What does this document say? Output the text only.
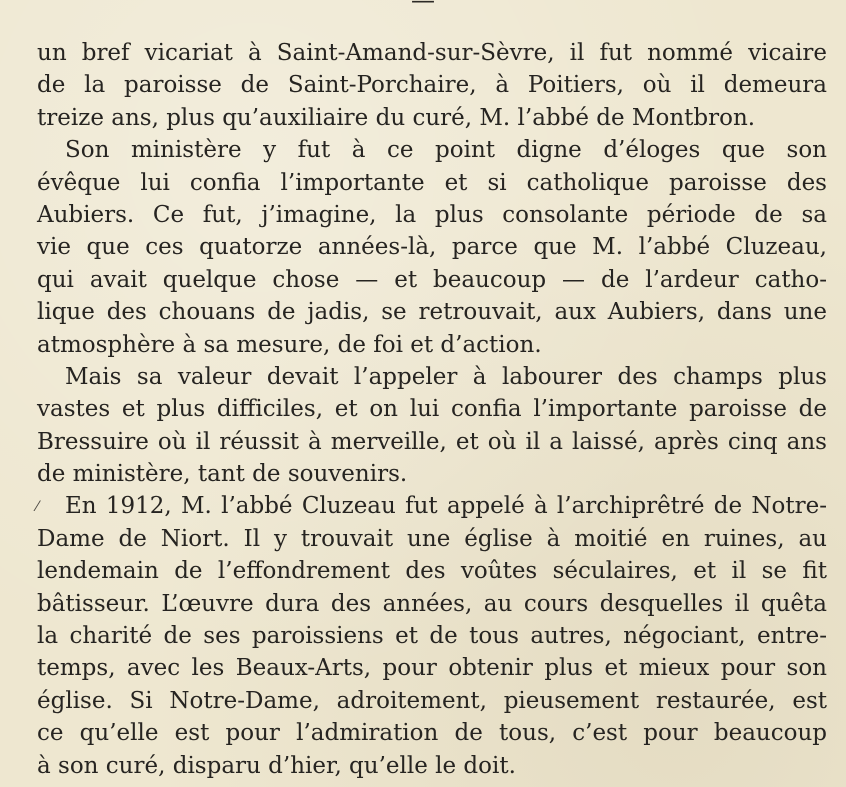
—
⁄
un bref vicariat à Saint-Amand-sur-Sèvre, il fut nommé vicaire
de la paroisse de Saint-Porchaire, à Poitiers, où il demeura
treize ans, plus qu’auxiliaire du curé, M. l’abbé de Montbron.
Son ministère y fut à ce point digne d’éloges que son
évêque lui confia l’importante et si catholique paroisse des
Aubiers. Ce fut, j’imagine, la plus consolante période de sa
vie que ces quatorze années-là, parce que M. l’abbé Cluzeau,
qui avait quelque chose — et beaucoup — de l’ardeur catho-
lique des chouans de jadis, se retrouvait, aux Aubiers, dans une
atmosphère à sa mesure, de foi et d’action.
Mais sa valeur devait l’appeler à labourer des champs plus
vastes et plus difficiles, et on lui confia l’importante paroisse de
Bressuire où il réussit à merveille, et où il a laissé, après cinq ans
de ministère, tant de souvenirs.
En 1912, M. l’abbé Cluzeau fut appelé à l’archiprêtré de Notre-
Dame de Niort. Il y trouvait une église à moitié en ruines, au
lendemain de l’effondrement des voûtes séculaires, et il se fit
bâtisseur. L’œuvre dura des années, au cours desquelles il quêta
la charité de ses paroissiens et de tous autres, négociant, entre-
temps, avec les Beaux-Arts, pour obtenir plus et mieux pour son
église. Si Notre-Dame, adroitement, pieusement restaurée, est
ce qu’elle est pour l’admiration de tous, c’est pour beaucoup
à son curé, disparu d’hier, qu’elle le doit.
